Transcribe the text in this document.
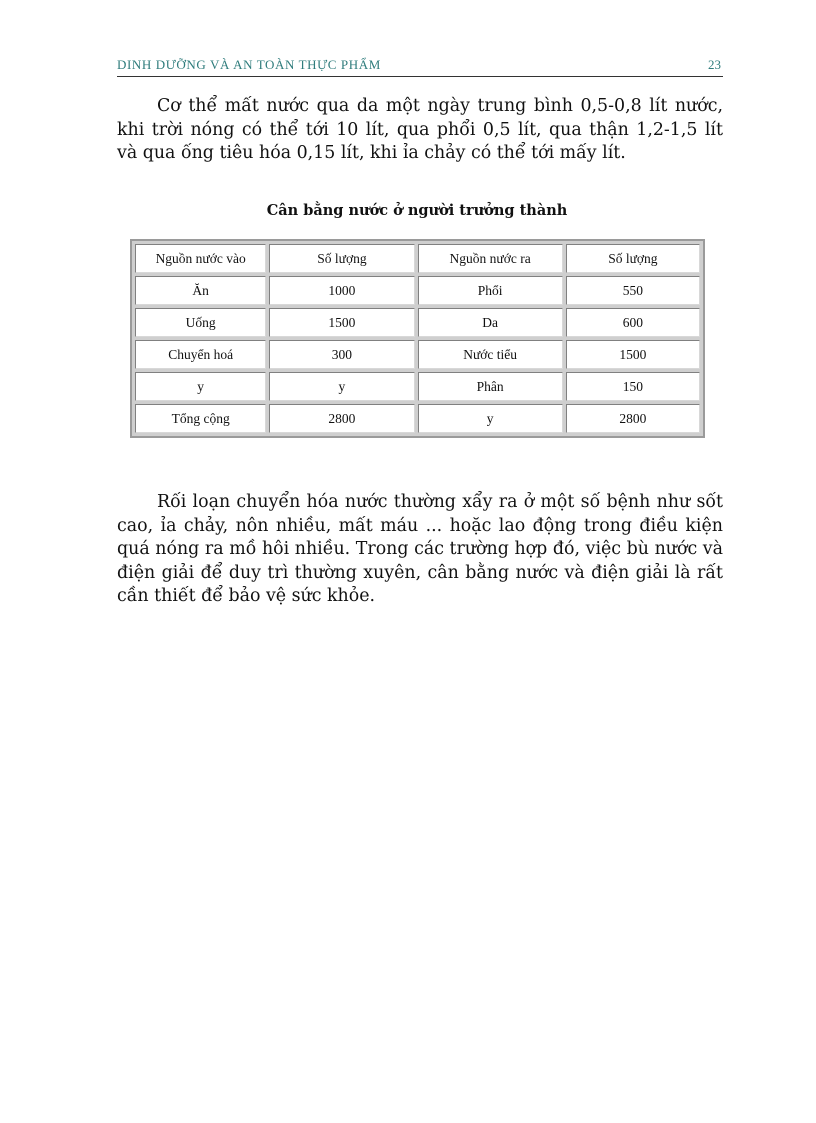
DINH DƯỠNG VÀ AN TOÀN THỰC PHẨM	23
Cơ thể mất nước qua da một ngày trung bình 0,5-0,8 lít nước,
khi trời nóng có thể tới 10 lít, qua phổi 0,5 lít, qua thận 1,2-1,5 lít
và qua ống tiêu hóa 0,15 lít, khi ỉa chảy có thể tới mấy lít.
Cân bằng nước ở người trưởng thành
Nguồn nước vào	Số lượng	Nguồn nước ra	Số lượng
Ăn	1000	Phổi	550
Uống	1500	Da	600
Chuyển hoá	300	Nước tiểu	1500
y	y	Phân	150
Tổng cộng	2800	y	2800
Rối loạn chuyển hóa nước thường xẩy ra ở một số bệnh như sốt
cao, ỉa chảy, nôn nhiều, mất máu ... hoặc lao động trong điều kiện
quá nóng ra mồ hôi nhiều. Trong các trường hợp đó, việc bù nước và
điện giải để duy trì thường xuyên, cân bằng nước và điện giải là rất
cần thiết để bảo vệ sức khỏe.
